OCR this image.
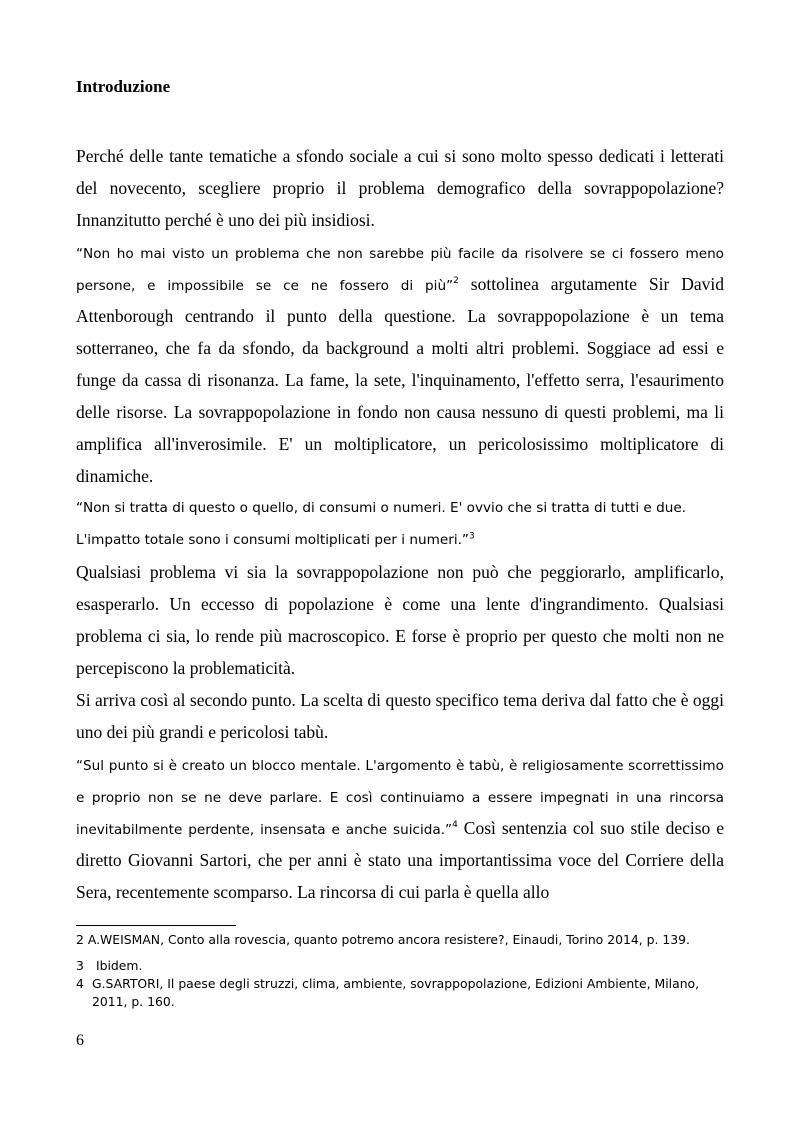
Introduzione

Perché delle tante tematiche a sfondo sociale a cui si sono molto spesso dedicati i letterati del novecento, scegliere proprio il problema demografico della sovrappopolazione? Innanzitutto perché è uno dei più insidiosi.

“Non ho mai visto un problema che non sarebbe più facile da risolvere se ci fossero meno persone, e impossibile se ce ne fossero di più”$^2$ sottolinea argutamente Sir David Attenborough centrando il punto della questione. La sovrappopolazione è un tema sotterraneo, che fa da sfondo, da background a molti altri problemi. Soggiace ad essi e funge da cassa di risonanza. La fame, la sete, l'inquinamento, l'effetto serra, l'esaurimento delle risorse. La sovrappopolazione in fondo non causa nessuno di questi problemi, ma li amplifica all'inverosimile. E' un moltiplicatore, un pericolosissimo moltiplicatore di dinamiche.

“Non si tratta di questo o quello, di consumi o numeri. E' ovvio che si tratta di tutti e due. L'impatto totale sono i consumi moltiplicati per i numeri.”$^3$

Qualsiasi problema vi sia la sovrappopolazione non può che peggiorarlo, amplificarlo, esasperarlo. Un eccesso di popolazione è come una lente d'ingrandimento. Qualsiasi problema ci sia, lo rende più macroscopico. E forse è proprio per questo che molti non ne percepiscono la problematicità.

Si arriva così al secondo punto. La scelta di questo specifico tema deriva dal fatto che è oggi uno dei più grandi e pericolosi tabù.

“Sul punto si è creato un blocco mentale. L'argomento è tabù, è religiosamente scorrettissimo e proprio non se ne deve parlare. E così continuiamo a essere impegnati in una rincorsa inevitabilmente perdente, insensata e anche suicida.”$^4$ Così sentenzia col suo stile deciso e diretto Giovanni Sartori, che per anni è stato una importantissima voce del Corriere della Sera, recentemente scomparso. La rincorsa di cui parla è quella allo

2 A.WEISMAN, Conto alla rovescia, quanto potremo ancora resistere?, Einaudi, Torino 2014, p. 139.

3 Ibidem.

4 G.SARTORI, Il paese degli struzzi, clima, ambiente, sovrappopolazione, Edizioni Ambiente, Milano, 2011, p. 160.

6
